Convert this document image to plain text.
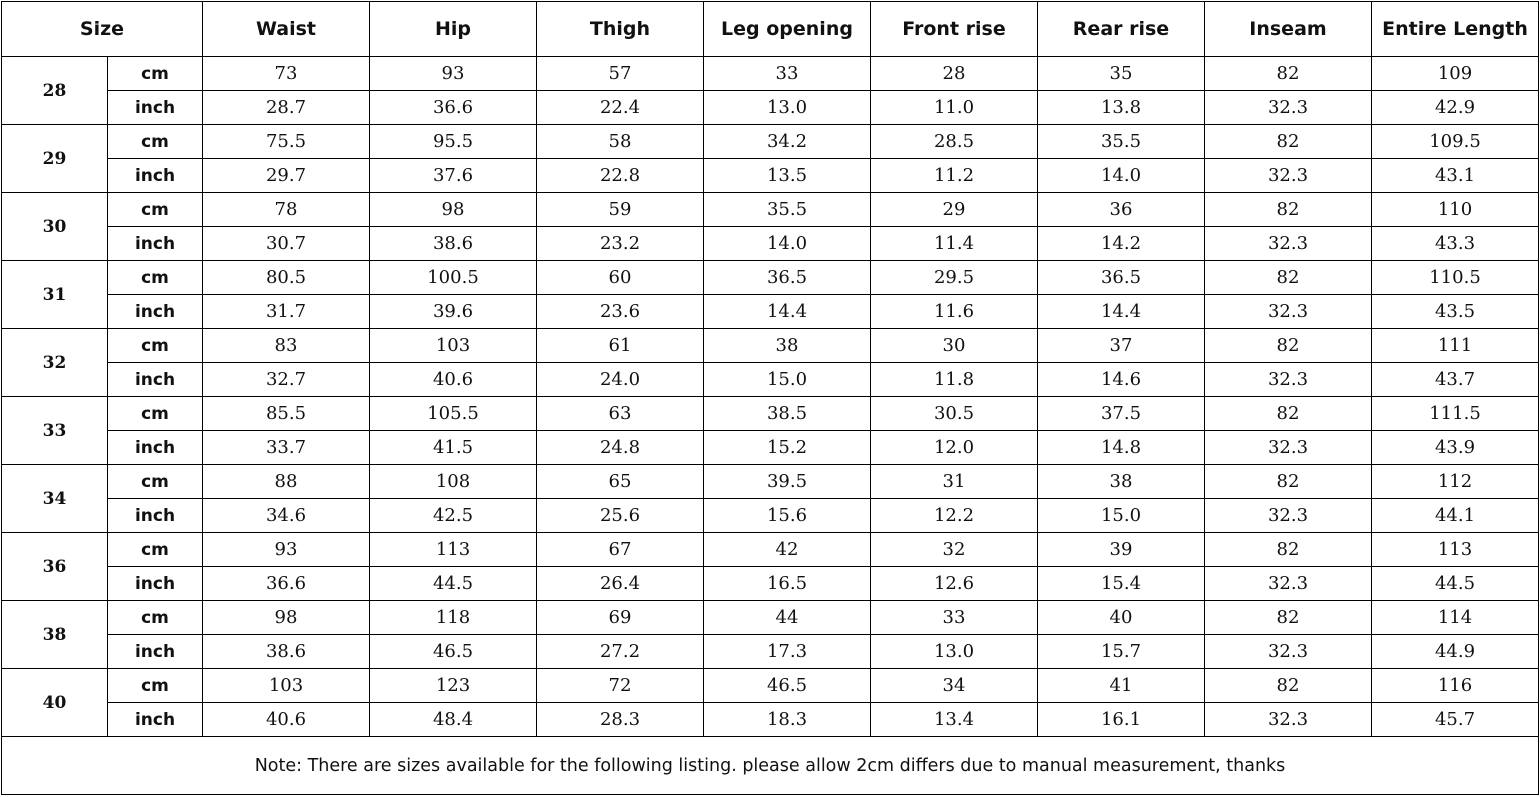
Size		Waist	Hip	Thigh	Leg opening	Front rise	Rear rise	Inseam	Entire Length
28	cm	73	93	57	33	28	35	82	109
	inch	28.7	36.6	22.4	13.0	11.0	13.8	32.3	42.9
29	cm	75.5	95.5	58	34.2	28.5	35.5	82	109.5
	inch	29.7	37.6	22.8	13.5	11.2	14.0	32.3	43.1
30	cm	78	98	59	35.5	29	36	82	110
	inch	30.7	38.6	23.2	14.0	11.4	14.2	32.3	43.3
31	cm	80.5	100.5	60	36.5	29.5	36.5	82	110.5
	inch	31.7	39.6	23.6	14.4	11.6	14.4	32.3	43.5
32	cm	83	103	61	38	30	37	82	111
	inch	32.7	40.6	24.0	15.0	11.8	14.6	32.3	43.7
33	cm	85.5	105.5	63	38.5	30.5	37.5	82	111.5
	inch	33.7	41.5	24.8	15.2	12.0	14.8	32.3	43.9
34	cm	88	108	65	39.5	31	38	82	112
	inch	34.6	42.5	25.6	15.6	12.2	15.0	32.3	44.1
36	cm	93	113	67	42	32	39	82	113
	inch	36.6	44.5	26.4	16.5	12.6	15.4	32.3	44.5
38	cm	98	118	69	44	33	40	82	114
	inch	38.6	46.5	27.2	17.3	13.0	15.7	32.3	44.9
40	cm	103	123	72	46.5	34	41	82	116
	inch	40.6	48.4	28.3	18.3	13.4	16.1	32.3	45.7
Note: There are sizes available for the following listing. please allow 2cm differs due to manual measurement, thanks									
